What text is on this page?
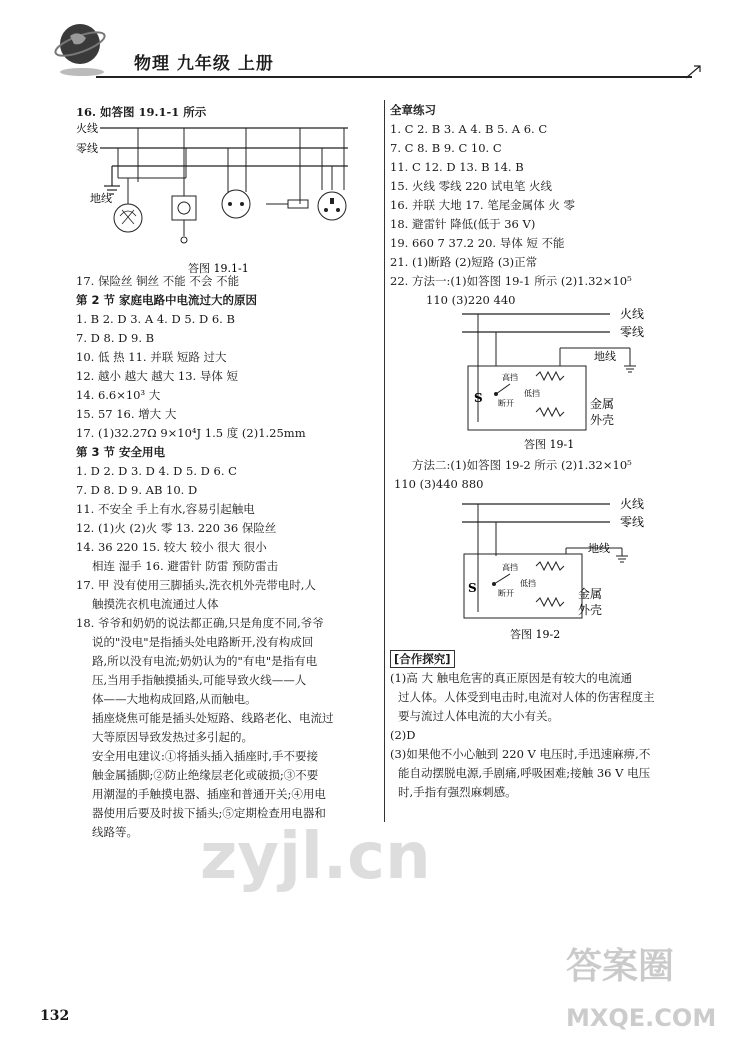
物理 九年级 上册
16. 如答图 19.1-1 所示
火线
零线
地线
答图 19.1-1
17. 保险丝 铜丝 不能 不会 不能
第 2 节 家庭电路中电流过大的原因
1. B 2. D 3. A 4. D 5. D 6. B
7. D 8. D 9. B
10. 低 热 11. 并联 短路 过大
12. 越小 越大 越大 13. 导体 短
14. 6.6×10³ 大
15. 57 16. 增大 大
17. (1)32.27Ω 9×10⁴J 1.5 度 (2)1.25mm
第 3 节 安全用电
1. D 2. D 3. D 4. D 5. D 6. C
7. D 8. D 9. AB 10. D
11. 不安全 手上有水,容易引起触电
12. (1)火 (2)火 零 13. 220 36 保险丝
14. 36 220 15. 较大 较小 很大 很小
相连 湿手 16. 避雷针 防雷 预防雷击
17. 甲 没有使用三脚插头,洗衣机外壳带电时,人
触摸洗衣机电流通过人体
18. 爷爷和奶奶的说法都正确,只是角度不同,爷爷
说的"没电"是指插头处电路断开,没有构成回
路,所以没有电流;奶奶认为的"有电"是指有电
压,当用手指触摸插头,可能导致火线——人
体——大地构成回路,从而触电。
插座烧焦可能是插头处短路、线路老化、电流过
大等原因导致发热过多引起的。
安全用电建议:①将插头插入插座时,手不要接
触金属插脚;②防止绝缘层老化或破损;③不要
用潮湿的手触摸电器、插座和普通开关;④用电
器使用后要及时拔下插头;⑤定期检查用电器和
线路等。
全章练习
1. C 2. B 3. A 4. B 5. A 6. C
7. C 8. B 9. C 10. C
11. C 12. D 13. B 14. B
15. 火线 零线 220 试电笔 火线
16. 并联 大地 17. 笔尾金属体 火 零
18. 避雷针 降低(低于 36 V)
19. 660 7 37.2 20. 导体 短 不能
21. (1)断路 (2)短路 (3)正常
22. 方法一:(1)如答图 19-1 所示 (2)1.32×10⁵
110 (3)220 440
火线
零线
地线
高挡
低挡
断开
S	金属
外壳
答图 19-1
方法二:(1)如答图 19-2 所示 (2)1.32×10⁵
110 (3)440 880
火线
零线
地线
高挡
低挡
断开
S	金属
外壳
答图 19-2
[合作探究]
(1)高 大 触电危害的真正原因是有较大的电流通
过人体。人体受到电击时,电流对人体的伤害程度主
要与流过人体电流的大小有关。
(2)D
(3)如果他不小心触到 220 V 电压时,手迅速麻痹,不
能自动摆脱电源,手剧痛,呼吸困难;接触 36 V 电压
时,手指有强烈麻刺感。
zyjl.cn
答案圈
MXQE.COM
132
